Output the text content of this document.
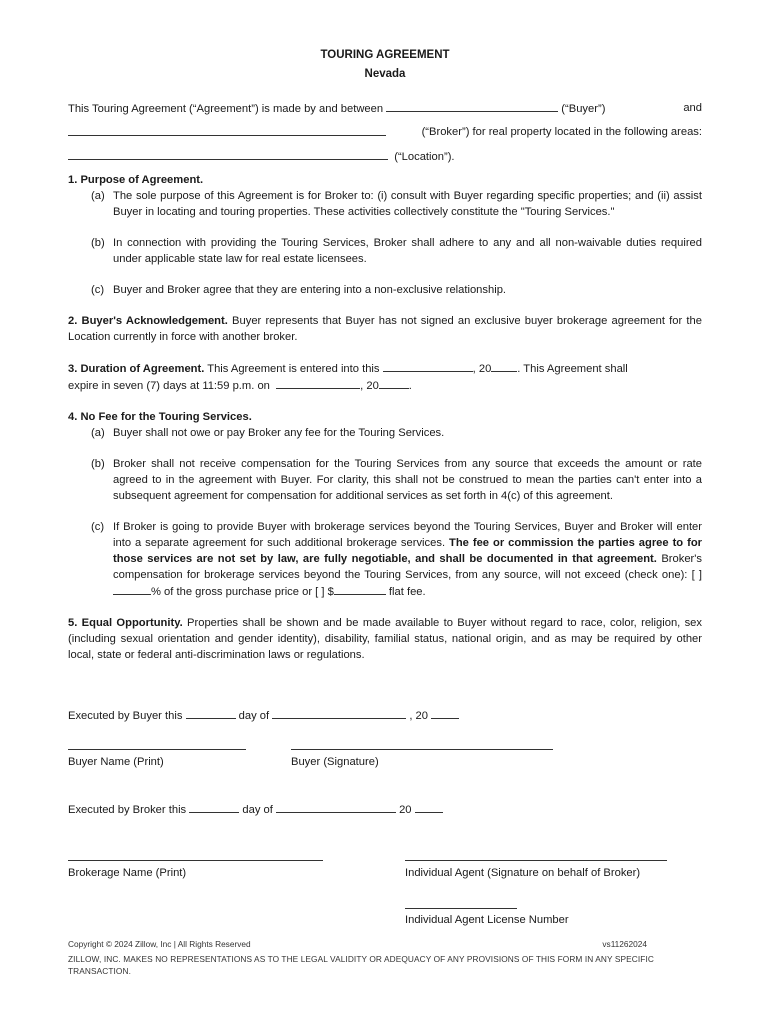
TOURING AGREEMENT
Nevada
This Touring Agreement (“Agreement”) is made by and between	(“Buyer”)	and
(“Broker”) for real property located in the following areas:
(“Location”).
1. Purpose of Agreement.
(a) The sole purpose of this Agreement is for Broker to: (i) consult with Buyer regarding specific properties; and (ii) assist Buyer in locating and touring properties. These activities collectively constitute the "Touring Services."
(b) In connection with providing the Touring Services, Broker shall adhere to any and all non-waivable duties required under applicable state law for real estate licensees.
(c) Buyer and Broker agree that they are entering into a non-exclusive relationship.
2. Buyer's Acknowledgement. Buyer represents that Buyer has not signed an exclusive buyer brokerage agreement for the Location currently in force with another broker.
3. Duration of Agreement. This Agreement is entered into this	, 20 . This Agreement shall
expire in seven (7) days at 11:59 p.m. on	, 20	.
4. No Fee for the Touring Services.
(a) Buyer shall not owe or pay Broker any fee for the Touring Services.
(b) Broker shall not receive compensation for the Touring Services from any source that exceeds the amount or rate agreed to in the agreement with Buyer. For clarity, this shall not be construed to mean the parties can't enter into a subsequent agreement for compensation for additional services as set forth in 4(c) of this agreement.
(c) If Broker is going to provide Buyer with brokerage services beyond the Touring Services, Buyer and Broker will enter into a separate agreement for such additional brokerage services. The fee or commission the parties agree to for those services are not set by law, are fully negotiable, and shall be documented in that agreement. Broker's compensation for brokerage services beyond the Touring Services, from any source, will not exceed (check one): [ ] % of the gross purchase price or [ ] $	flat fee.
5. Equal Opportunity. Properties shall be shown and be made available to Buyer without regard to race, color, religion, sex (including sexual orientation and gender identity), disability, familial status, national origin, and as may be required by other local, state or federal anti-discrimination laws or regulations.
Executed by Buyer this	day of	, 20
Buyer Name (Print)	Buyer (Signature)
Executed by Broker this	day of	20
Brokerage Name (Print)	Individual Agent (Signature on behalf of Broker)
Individual Agent License Number
Copyright © 2024 Zillow, Inc | All Rights Reserved	vs11262024
ZILLOW, INC. MAKES NO REPRESENTATIONS AS TO THE LEGAL VALIDITY OR ADEQUACY OF ANY PROVISIONS OF THIS FORM IN ANY SPECIFIC TRANSACTION.
